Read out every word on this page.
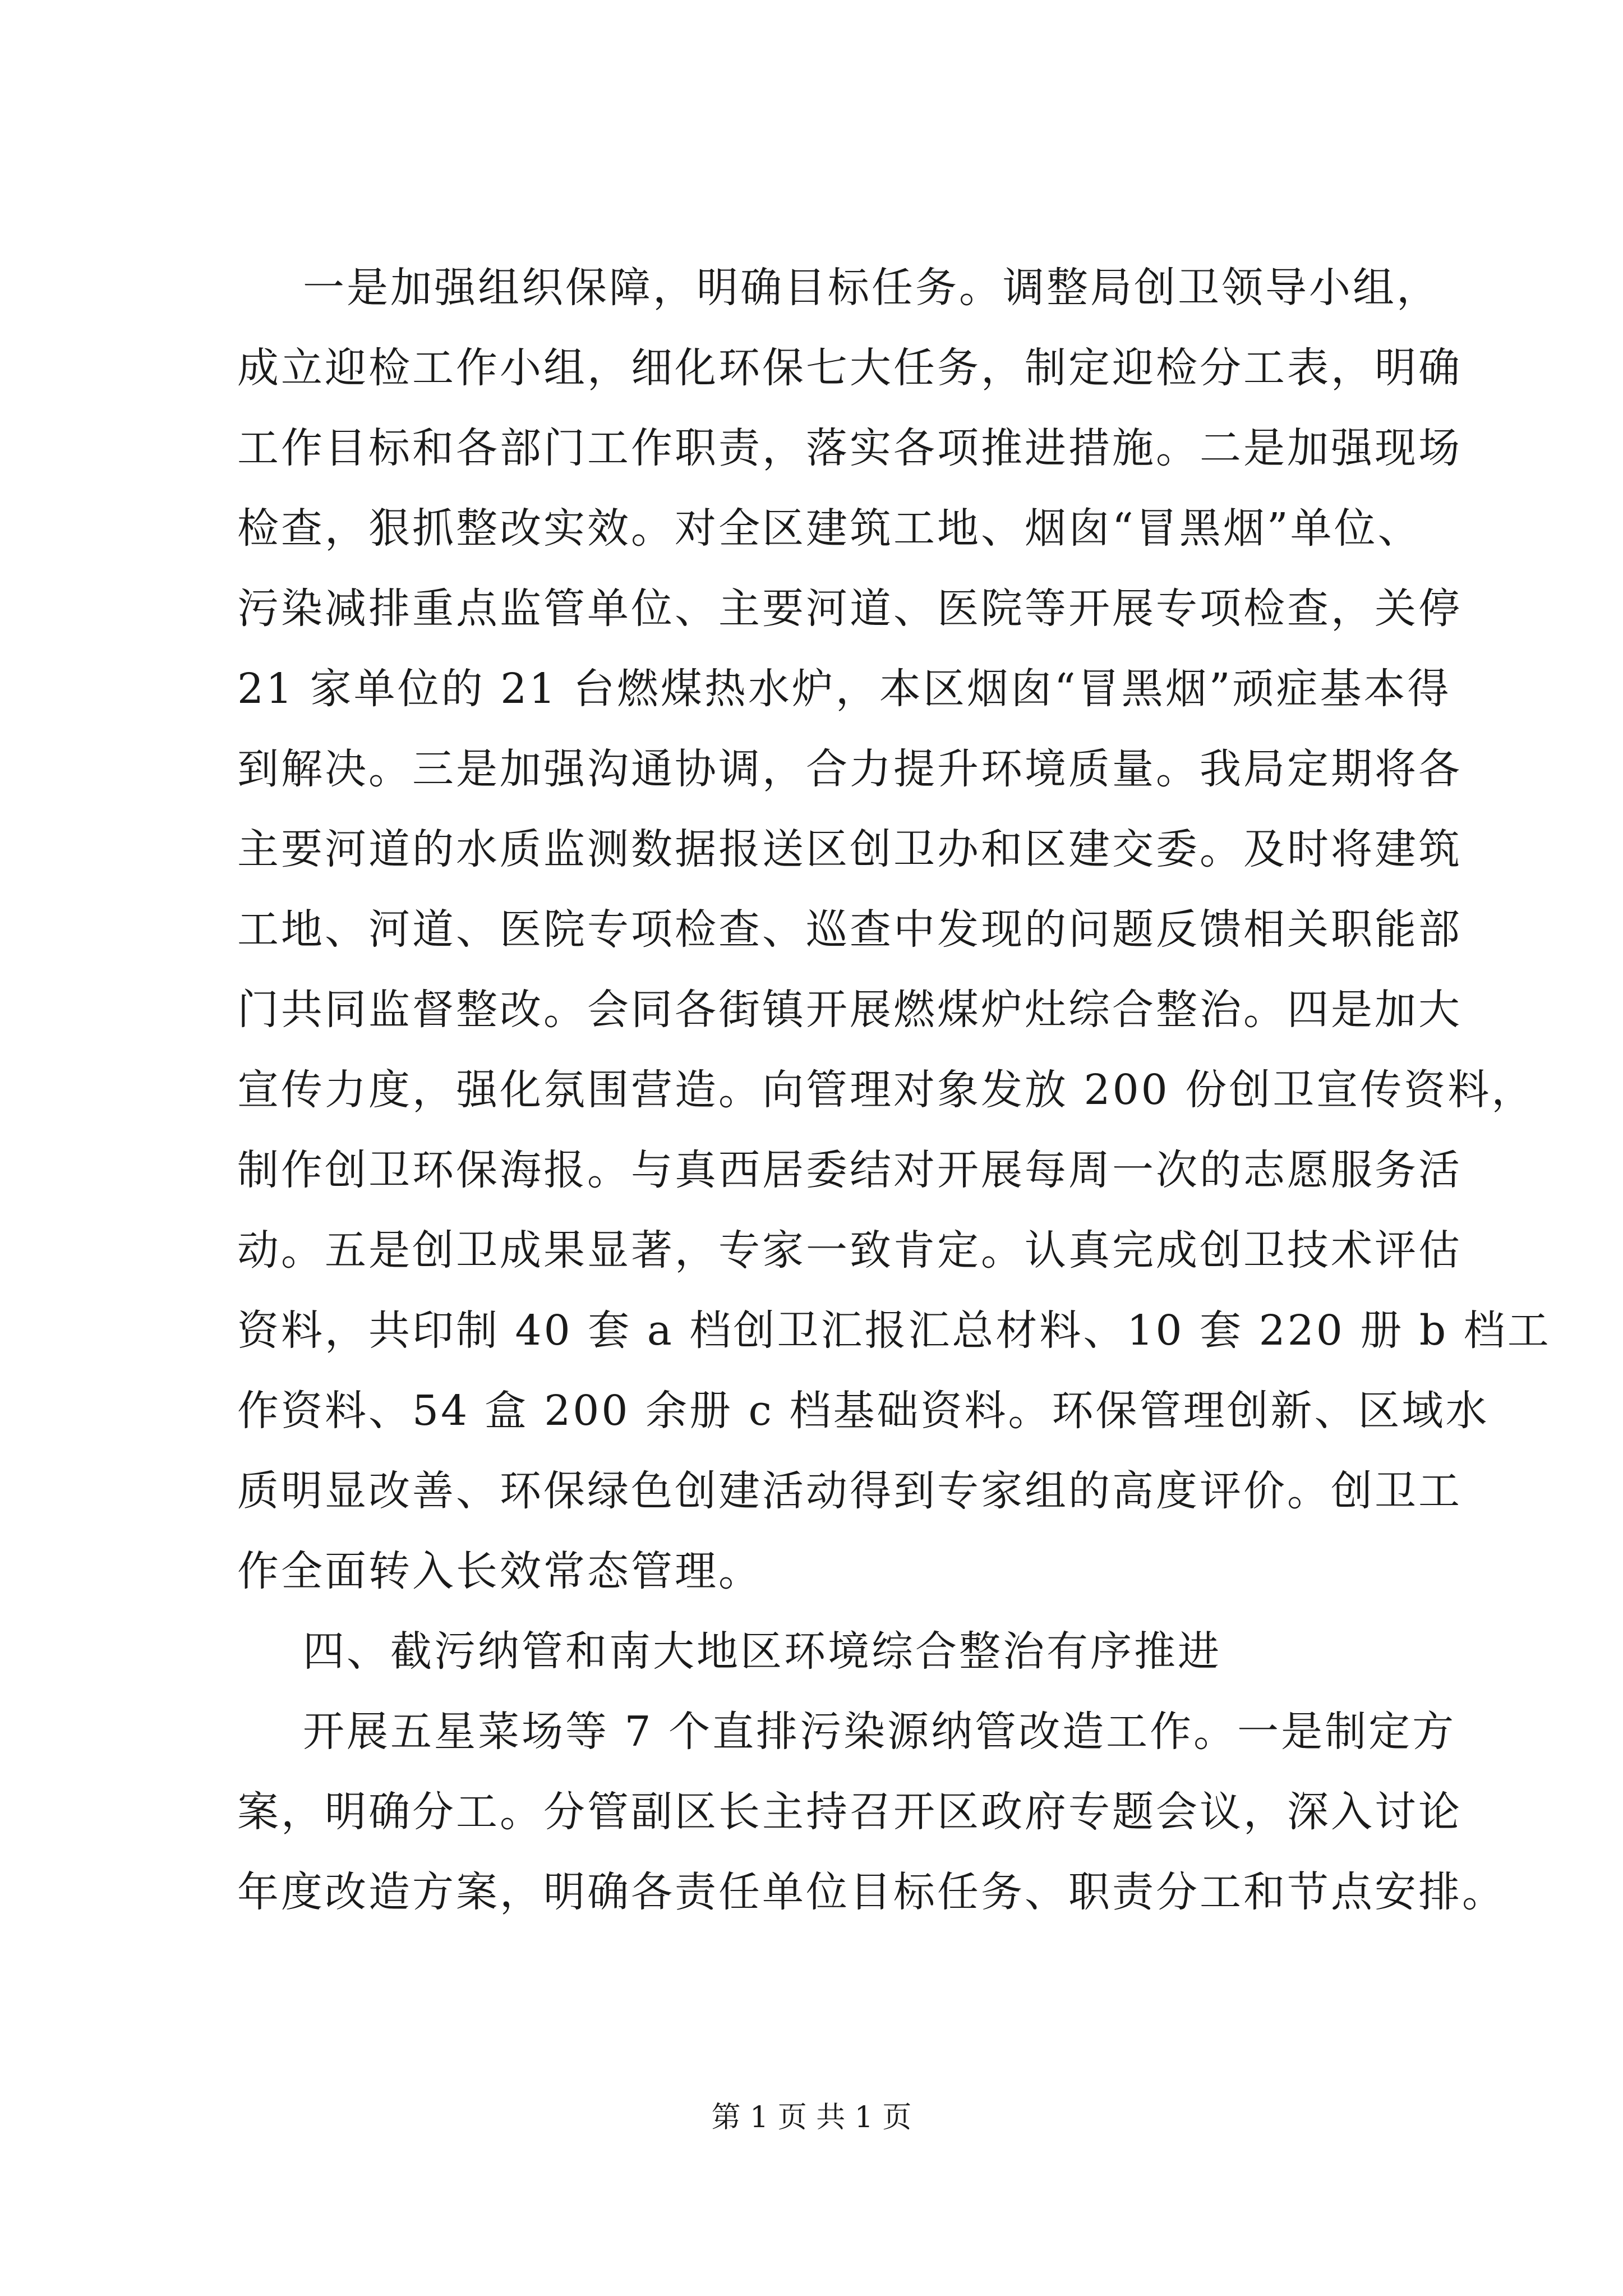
一是加强组织保障，明确目标任务。调整局创卫领导小组，

成立迎检工作小组，细化环保七大任务，制定迎检分工表，明确

工作目标和各部门工作职责，落实各项推进措施。二是加强现场

检查，狠抓整改实效。对全区建筑工地、烟囱“冒黑烟”单位、

污染减排重点监管单位、主要河道、医院等开展专项检查，关停

21 家单位的 21 台燃煤热水炉，本区烟囱“冒黑烟”顽症基本得

到解决。三是加强沟通协调，合力提升环境质量。我局定期将各

主要河道的水质监测数据报送区创卫办和区建交委。及时将建筑

工地、河道、医院专项检查、巡查中发现的问题反馈相关职能部

门共同监督整改。会同各街镇开展燃煤炉灶综合整治。四是加大

宣传力度，强化氛围营造。向管理对象发放 200 份创卫宣传资料，

制作创卫环保海报。与真西居委结对开展每周一次的志愿服务活

动。五是创卫成果显著，专家一致肯定。认真完成创卫技术评估

资料，共印制 40 套 a 档创卫汇报汇总材料、10 套 220 册 b 档工

作资料、54 盒 200 余册 c 档基础资料。环保管理创新、区域水

质明显改善、环保绿色创建活动得到专家组的高度评价。创卫工

作全面转入长效常态管理。

四、截污纳管和南大地区环境综合整治有序推进

开展五星菜场等 7 个直排污染源纳管改造工作。一是制定方

案，明确分工。分管副区长主持召开区政府专题会议，深入讨论

年度改造方案，明确各责任单位目标任务、职责分工和节点安排。

第 1 页 共 1 页
